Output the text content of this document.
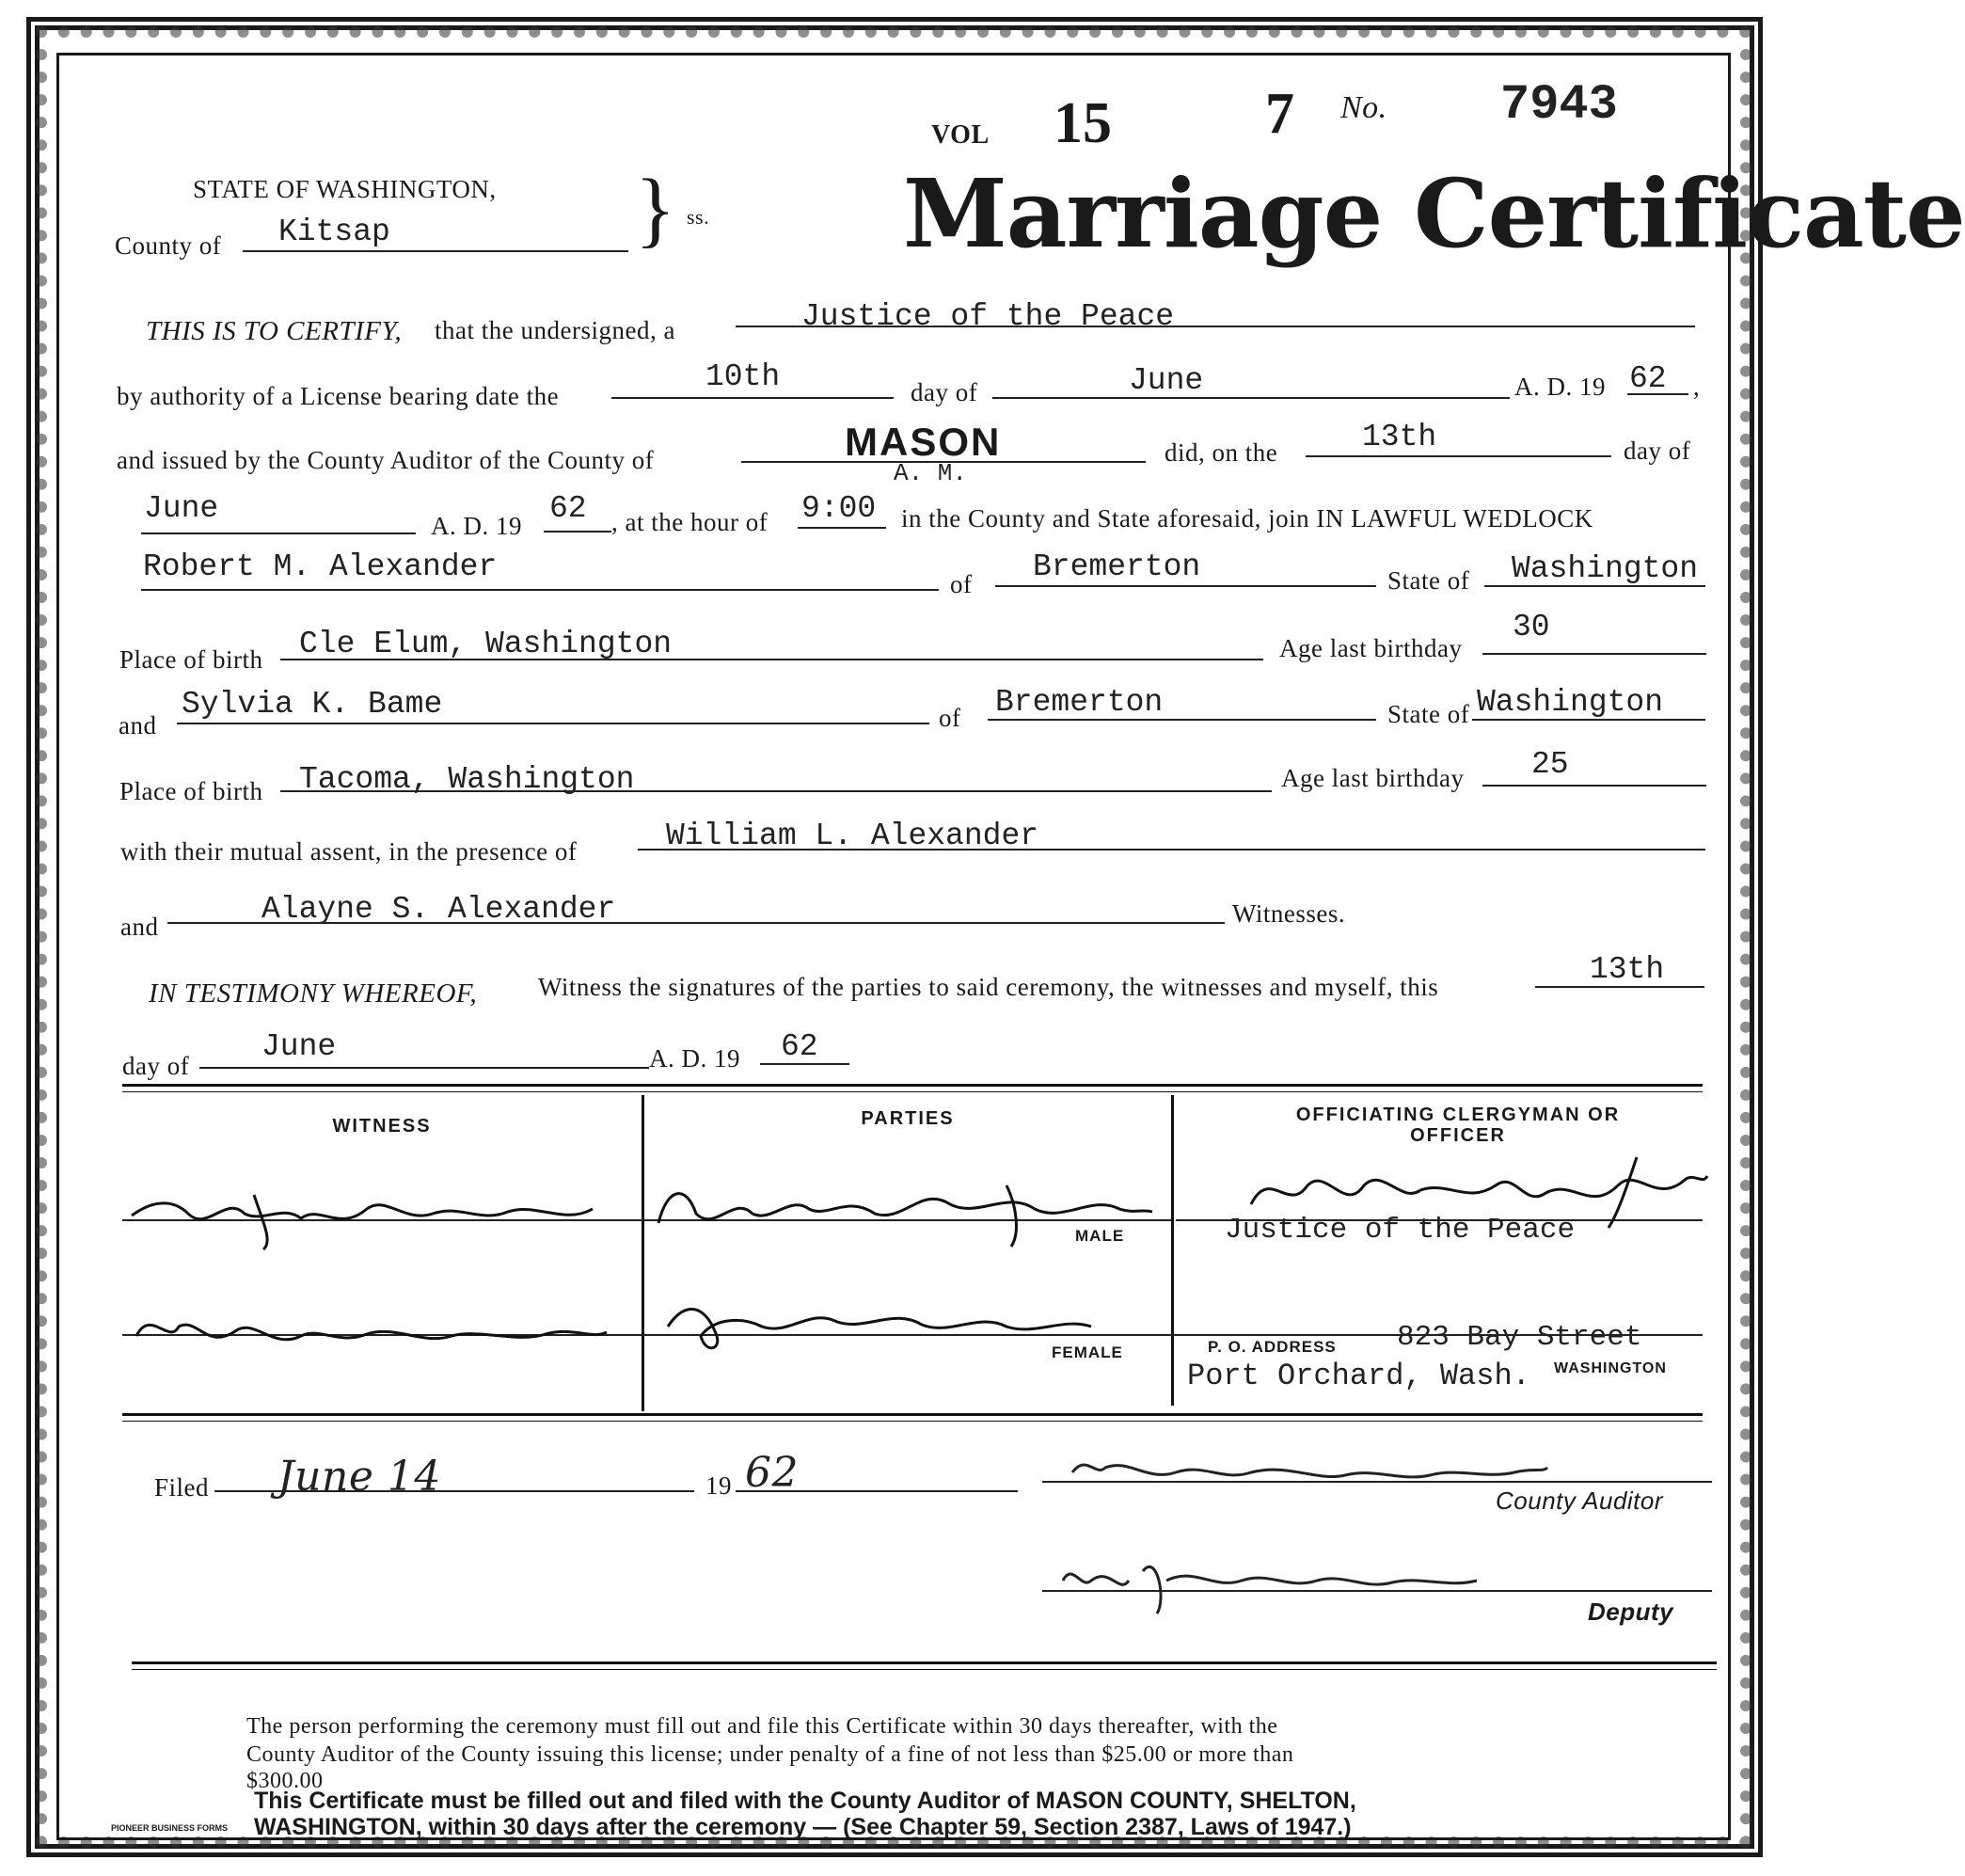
VOL 15	7 No. 7943
Marriage Certificate
STATE OF WASHINGTON,
County of Kitsap	} ss.
THIS IS TO CERTIFY, that the undersigned, a	Justice of the Peace
by authority of a License bearing date the
10th	day of	June	A. D. 19 62 ,
and issued by the County Auditor of the County of	MASON
A. M.
did, on the	13th	day of
June	A. D. 19 62 , at the hour of 9:00 in the County and State aforesaid, join IN LAWFUL WEDLOCK
Robert M. Alexander	of Bremerton	State of Washington
Place of birth Cle Elum, Washington	Age last birthday
30
and
Sylvia K. Bame	of Bremerton	State of Washington
Place of birth Tacoma, Washington	Age last birthday 25
with their mutual assent, in the presence of	William L. Alexander
and	Alayne S. Alexander	Witnesses.
IN TESTIMONY WHEREOF, Witness the signatures of the parties to said ceremony, the witnesses and myself, this	13th
day of
June	A. D. 19 62
WITNESS	PARTIES	OFFICIATING CLERGYMAN OR OFFICER
MALE
FEMALE
Justice of the Peace
P. O. ADDRESS 823 Bay Street
Port Orchard, Wash. WASHINGTON
Filed June 14	19 62
County Auditor
Deputy
The person performing the ceremony must fill out and file this Certificate within 30 days thereafter, with the
County Auditor of the County issuing this license; under penalty of a fine of not less than $25.00 or more than
$300.00
This Certificate must be filled out and filed with the County Auditor of MASON COUNTY, SHELTON,
WASHINGTON, within 30 days after the ceremony — (See Chapter 59, Section 2387, Laws of 1947.)
PIONEER BUSINESS FORMS
